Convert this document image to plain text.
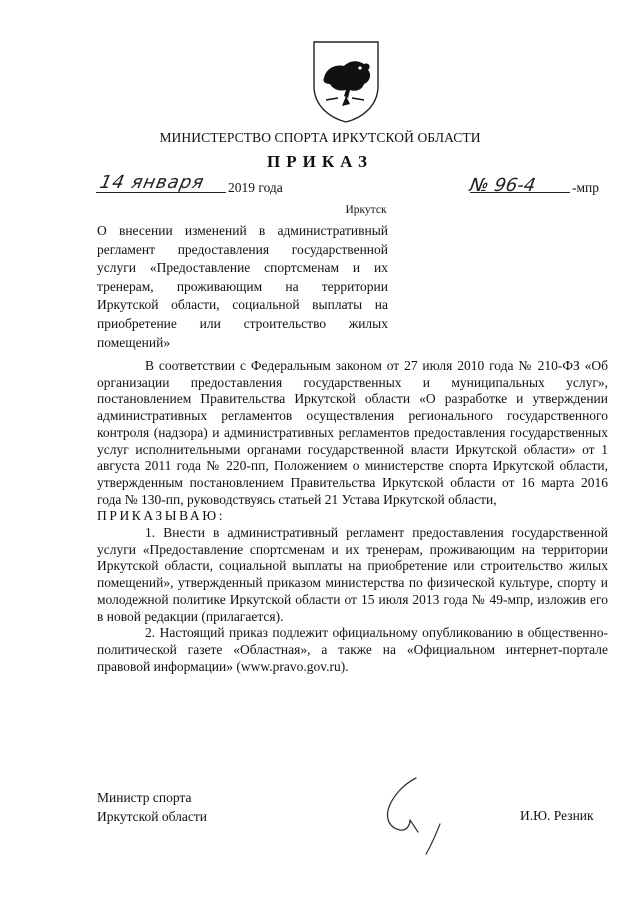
МИНИСТЕРСТВО СПОРТА ИРКУТСКОЙ ОБЛАСТИ
ПРИКАЗ
14 января 2019 года	№ 96-4	-мпр
Иркутск

О внесении изменений в административный регламент предоставления государственной услуги «Предоставление спортсменам и их тренерам, проживающим на территории Иркутской области, социальной выплаты на приобретение или строительство жилых помещений»

В соответствии с Федеральным законом от 27 июля 2010 года № 210-ФЗ «Об организации предоставления государственных и муниципальных услуг», постановлением Правительства Иркутской области «О разработке и утверждении административных регламентов осуществления регионального государственного контроля (надзора) и административных регламентов предоставления государственных услуг исполнительными органами государственной власти Иркутской области» от 1 августа 2011 года № 220-пп, Положением о министерстве спорта Иркутской области, утвержденным постановлением Правительства Иркутской области от 16 марта 2016 года № 130-пп, руководствуясь статьей 21 Устава Иркутской области,

ПРИКАЗЫВАЮ:

1. Внести в административный регламент предоставления государственной услуги «Предоставление спортсменам и их тренерам, проживающим на территории Иркутской области, социальной выплаты на приобретение или строительство жилых помещений», утвержденный приказом министерства по физической культуре, спорту и молодежной политике Иркутской области от 15 июля 2013 года № 49-мпр, изложив его в новой редакции (прилагается).

2. Настоящий приказ подлежит официальному опубликованию в общественно-политической газете «Областная», а также на «Официальном интернет-портале правовой информации» (www.pravo.gov.ru).

Министр спорта
Иркутской области	И.Ю. Резник
